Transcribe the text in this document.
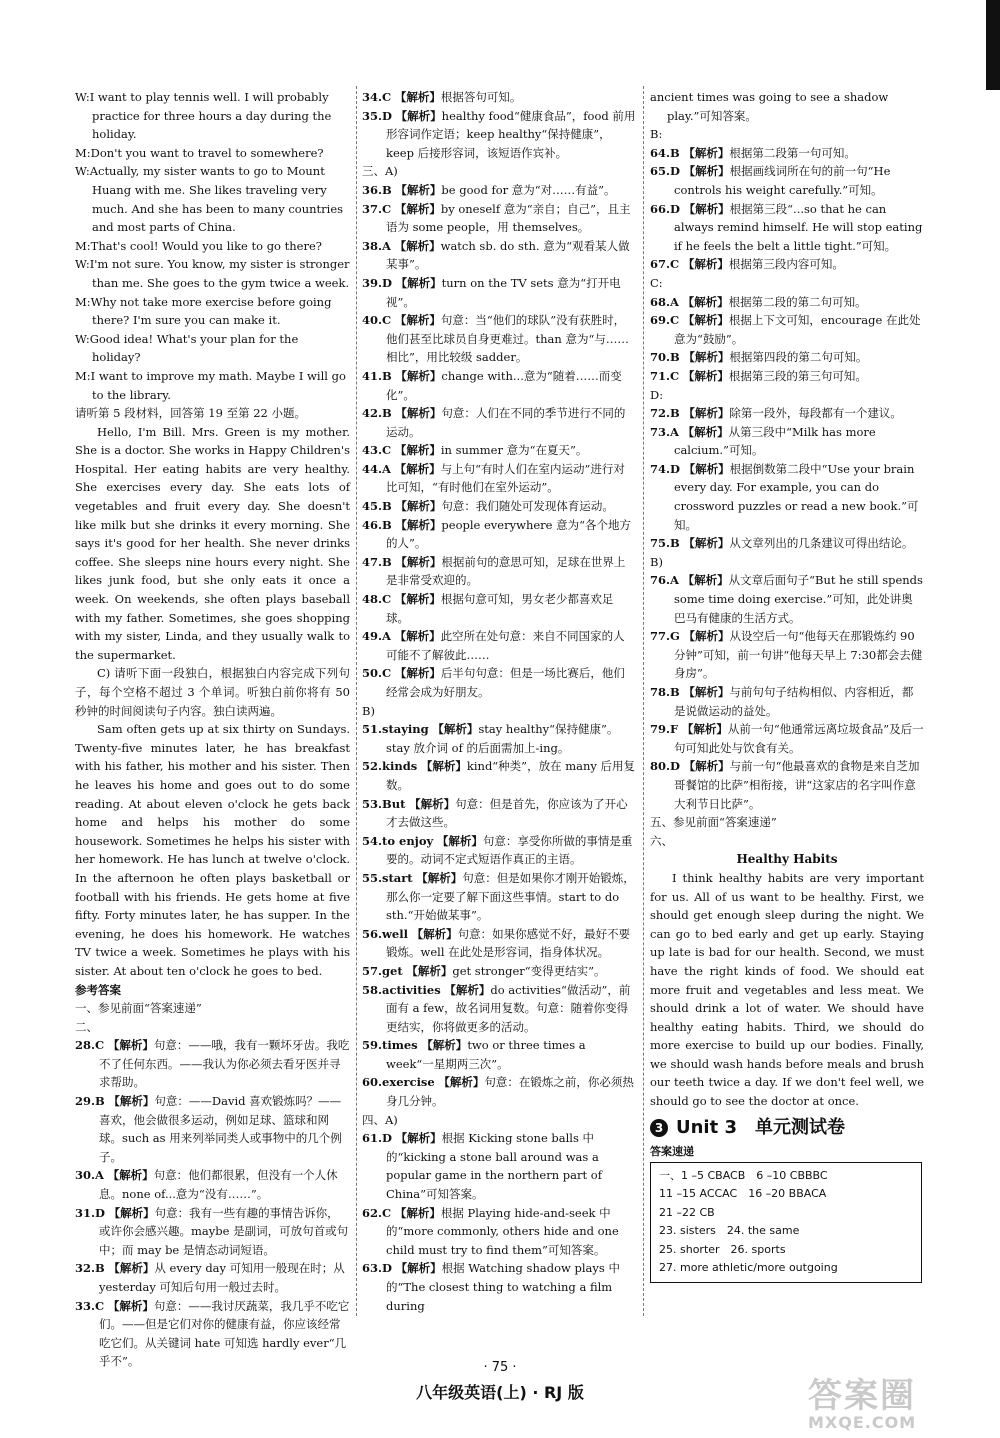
W:I want to play tennis well. I will probably practice for three hours a day during the holiday.

M:Don't you want to travel to somewhere?

W:Actually, my sister wants to go to Mount Huang with me. She likes traveling very much. And she has been to many countries and most parts of China.

M:That's cool! Would you like to go there?

W:I'm not sure. You know, my sister is stronger than me. She goes to the gym twice a week.

M:Why not take more exercise before going there? I'm sure you can make it.

W:Good idea! What's your plan for the holiday?

M:I want to improve my math. Maybe I will go to the library.

请听第 5 段材料，回答第 19 至第 22 小题。

Hello, I'm Bill. Mrs. Green is my mother. She is a doctor. She works in Happy Children's Hospital. Her eating habits are very healthy. She exercises every day. She eats lots of vegetables and fruit every day. She doesn't like milk but she drinks it every morning. She says it's good for her health. She never drinks coffee. She sleeps nine hours every night. She likes junk food, but she only eats it once a week. On weekends, she often plays baseball with my father. Sometimes, she goes shopping with my sister, Linda, and they usually walk to the supermarket.

C) 请听下面一段独白，根据独白内容完成下列句子，每个空格不超过 3 个单词。听独白前你将有 50 秒钟的时间阅读句子内容。独白读两遍。

Sam often gets up at six thirty on Sundays. Twenty-five minutes later, he has breakfast with his father, his mother and his sister. Then he leaves his home and goes out to do some reading. At about eleven o'clock he gets back home and helps his mother do some housework. Sometimes he helps his sister with her homework. He has lunch at twelve o'clock. In the afternoon he often plays basketball or football with his friends. He gets home at five fifty. Forty minutes later, he has supper. In the evening, he does his homework. He watches TV twice a week. Sometimes he plays with his sister. At about ten o'clock he goes to bed.

参考答案

一、参见前面“答案速递”

二、

28.C 【解析】句意：——哦，我有一颗坏牙齿。我吃不了任何东西。——我认为你必须去看牙医并寻求帮助。

29.B 【解析】句意：——David 喜欢锻炼吗？——喜欢，他会做很多运动，例如足球、篮球和网球。such as 用来列举同类人或事物中的几个例子。

30.A 【解析】句意：他们都很累，但没有一个人休息。none of...意为“没有……”。

31.D 【解析】句意：我有一些有趣的事情告诉你，或许你会感兴趣。maybe 是副词，可放句首或句中；而 may be 是情态动词短语。

32.B 【解析】从 every day 可知用一般现在时；从 yesterday 可知后句用一般过去时。

33.C 【解析】句意：——我讨厌蔬菜，我几乎不吃它们。——但是它们对你的健康有益，你应该经常吃它们。从关键词 hate 可知选 hardly ever“几乎不”。

34.C 【解析】根据答句可知。

35.D 【解析】healthy food“健康食品”，food 前用形容词作定语；keep healthy“保持健康”，keep 后接形容词，该短语作宾补。

三、A)

36.B 【解析】be good for 意为“对……有益”。

37.C 【解析】by oneself 意为“亲自；自己”，且主语为 some people，用 themselves。

38.A 【解析】watch sb. do sth. 意为“观看某人做某事”。

39.D 【解析】turn on the TV sets 意为“打开电视”。

40.C 【解析】句意：当“他们的球队”没有获胜时，他们甚至比球员自身更难过。than 意为“与……相比”，用比较级 sadder。

41.B 【解析】change with...意为“随着……而变化”。

42.B 【解析】句意：人们在不同的季节进行不同的运动。

43.C 【解析】in summer 意为“在夏天”。

44.A 【解析】与上句“有时人们在室内运动”进行对比可知，“有时他们在室外运动”。

45.B 【解析】句意：我们随处可发现体育运动。

46.B 【解析】people everywhere 意为“各个地方的人”。

47.B 【解析】根据前句的意思可知，足球在世界上是非常受欢迎的。

48.C 【解析】根据句意可知，男女老少都喜欢足球。

49.A 【解析】此空所在处句意：来自不同国家的人可能不了解彼此……

50.C 【解析】后半句句意：但是一场比赛后，他们经常会成为好朋友。

B)

51.staying 【解析】stay healthy“保持健康”。stay 放介词 of 的后面需加上-ing。

52.kinds 【解析】kind“种类”，放在 many 后用复数。

53.But 【解析】句意：但是首先，你应该为了开心才去做这些。

54.to enjoy 【解析】句意：享受你所做的事情是重要的。动词不定式短语作真正的主语。

55.start 【解析】句意：但是如果你才刚开始锻炼，那么你一定要了解下面这些事情。start to do sth.“开始做某事”。

56.well 【解析】句意：如果你感觉不好，最好不要锻炼。well 在此处是形容词，指身体状况。

57.get 【解析】get stronger“变得更结实”。

58.activities 【解析】do activities“做活动”，前面有 a few，故名词用复数。句意：随着你变得更结实，你将做更多的活动。

59.times 【解析】two or three times a week“一星期两三次”。

60.exercise 【解析】句意：在锻炼之前，你必须热身几分钟。

四、A)

61.D 【解析】根据 Kicking stone balls 中的“kicking a stone ball around was a popular game in the northern part of China”可知答案。

62.C 【解析】根据 Playing hide-and-seek 中的“more commonly, others hide and one child must try to find them”可知答案。

63.D 【解析】根据 Watching shadow plays 中的“The closest thing to watching a film during

ancient times was going to see a shadow play.”可知答案。

B:

64.B 【解析】根据第二段第一句可知。

65.D 【解析】根据画线词所在句的前一句“He controls his weight carefully.”可知。

66.D 【解析】根据第三段“...so that he can always remind himself. He will stop eating if he feels the belt a little tight.”可知。

67.C 【解析】根据第三段内容可知。

C:

68.A 【解析】根据第二段的第二句可知。

69.C 【解析】根据上下文可知，encourage 在此处意为“鼓励”。

70.B 【解析】根据第四段的第二句可知。

71.C 【解析】根据第三段的第三句可知。

D:

72.B 【解析】除第一段外，每段都有一个建议。

73.A 【解析】从第三段中“Milk has more calcium.”可知。

74.D 【解析】根据倒数第二段中“Use your brain every day. For example, you can do crossword puzzles or read a new book.”可知。

75.B 【解析】从文章列出的几条建议可得出结论。

B)

76.A 【解析】从文章后面句子“But he still spends some time doing exercise.”可知，此处讲奥巴马有健康的生活方式。

77.G 【解析】从设空后一句“他每天在那锻炼约 90 分钟”可知，前一句讲“他每天早上 7:30都会去健身房”。

78.B 【解析】与前句句子结构相似、内容相近，都是说做运动的益处。

79.F 【解析】从前一句“他通常远离垃圾食品”及后一句可知此处与饮食有关。

80.D 【解析】与前一句“他最喜欢的食物是来自芝加哥餐馆的比萨”相衔接，讲“这家店的名字叫作意大利节日比萨”。

五、参见前面“答案速递”

六、

Healthy Habits

I think healthy habits are very important for us. All of us want to be healthy. First, we should get enough sleep during the night. We can go to bed early and get up early. Staying up late is bad for our health. Second, we must have the right kinds of food. We should eat more fruit and vegetables and less meat. We should drink a lot of water. We should have healthy eating habits. Third, we should do more exercise to build up our bodies. Finally, we should wash hands before meals and brush our teeth twice a day. If we don't feel well, we should go to see the doctor at once.

3 Unit 3　单元测试卷

答案速递

一、1 –5 CBACB　6 –10 CBBBC
11 –15 ACCAC　16 –20 BBACA
21 –22 CB
23. sisters　24. the same
25. shorter　26. sports
27. more athletic/more outgoing
· 75 ·
八年级英语(上) · RJ 版	答案圈
MXQE.COM
